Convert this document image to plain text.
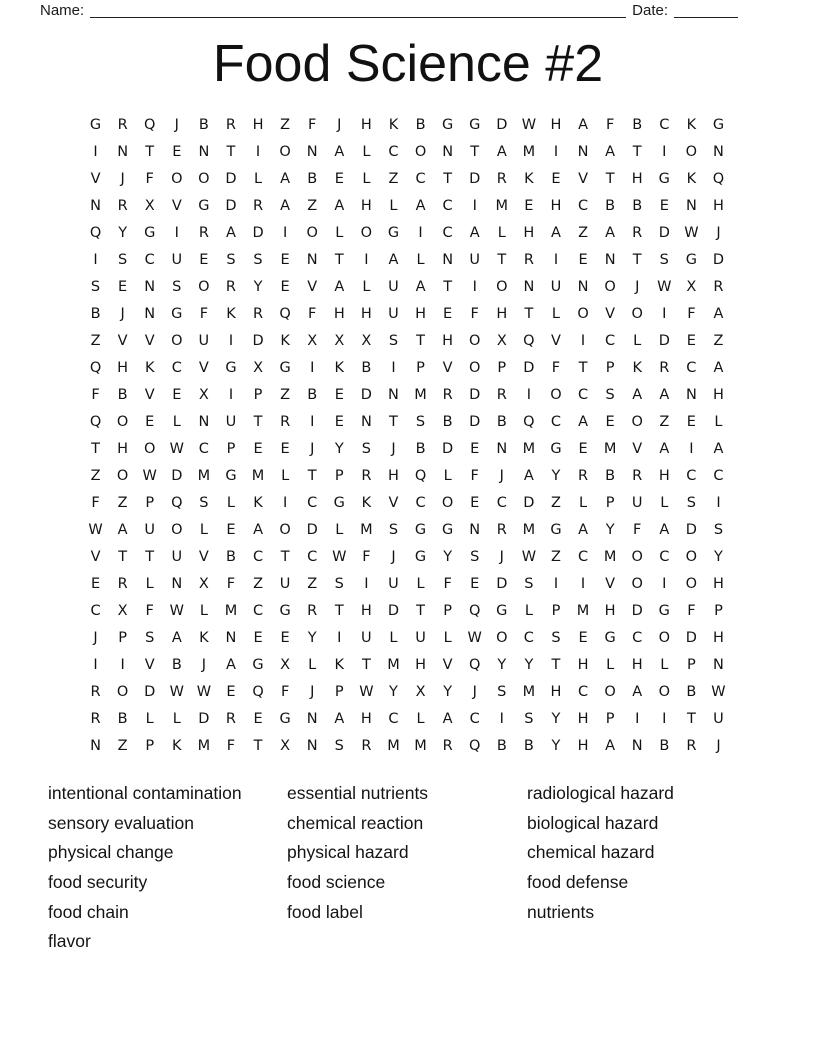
Name:	Date:
Food Science #2
G	R	Q	J	B	R	H	Z	F	J	H	K	B	G	G	D W H	A	F	B	C	K	G
I	N	T	E	N	T	I	O	N	A	L	C	O	N	T	A	M	I	N	A	T	I	O	N
V	J	F	O	O	D	L	A	B	E	L	Z	C	T	D	R	K	E	V	T	H	G	K	Q
N	R	X	V	G	D	R	A	Z	A	H	L	A	C	I	M	E	H	C	B	B	E	N	H
Q	Y	G	I	R	A	D	I	O	L	O	G	I	C	A	L	H	A	Z	A	R	D W	J
I	S	C	U	E	S	S	E	N	T	I	A	L	N	U	T	R	I	E	N	T	S	G	D
S	E	N	S	O	R	Y	E	V	A	L	U	A	T	I	O	N	U	N	O	J	W	X	R
B	J	N	G	F	K	R	Q	F	H	H	U	H	E	F	H	T	L	O	V	O	I	F	A
Z	V	V	O	U	I	D	K	X	X	X	S	T	H	O	X	Q	V	I	C	L	D	E	Z
Q	H	K	C	V	G	X	G	I	K	B	I	P	V	O	P	D	F	T	P	K	R	C	A
F	B	V	E	X	I	P	Z	B	E	D	N	M	R	D	R	I	O	C	S	A	A	N	H
Q	O	E	L	N	U	T	R	I	E	N	T	S	B	D	B	Q	C	A	E	O	Z	E	L
T	H	O W	C	P	E	E	J	Y	S	J	B	D	E	N	M	G	E	M	V	A	I	A
Z	O W D	M	G	M	L	T	P	R	H	Q	L	F	J	A	Y	R	B	R	H	C	C
F	Z	P	Q	S	L	K	I	C	G	K	V	C	O	E	C	D	Z	L	P	U	L	S	I
W	A	U	O	L	E	A	O	D	L	M	S	G	G	N	R	M	G	A	Y	F	A	D	S
V	T	T	U	V	B	C	T	C	W	F	J	G	Y	S	J	W	Z	C	M	O	C	O	Y
E	R	L	N	X	F	Z	U	Z	S	I	U	L	F	E	D	S	I	I	V	O	I	O	H
C	X	F	W	L	M	C	G	R	T	H	D	T	P	Q	G	L	P	M	H	D	G	F	P
J	P	S	A	K	N	E	E	Y	I	U	L	U	L	W O	C	S	E	G	C	O	D	H
I	I	V	B	J	A	G	X	L	K	T	M	H	V	Q	Y	Y	T	H	L	H	L	P	N
R	O	D W W	E	Q	F	J	P	W	Y	X	Y	J	S	M	H	C	O	A	O	B	W
R	B	L	L	D	R	E	G	N	A	H	C	L	A	C	I	S	Y	H	P	I	I	T	U
N	Z	P	K	M	F	T	X	N	S	R	M	M	R	Q	B	B	Y	H	A	N	B	R	J
intentional contamination
sensory evaluation
physical change
food security
food chain
flavor
essential nutrients
chemical reaction
physical hazard
food science
food label
radiological hazard
biological hazard
chemical hazard
food defense
nutrients
